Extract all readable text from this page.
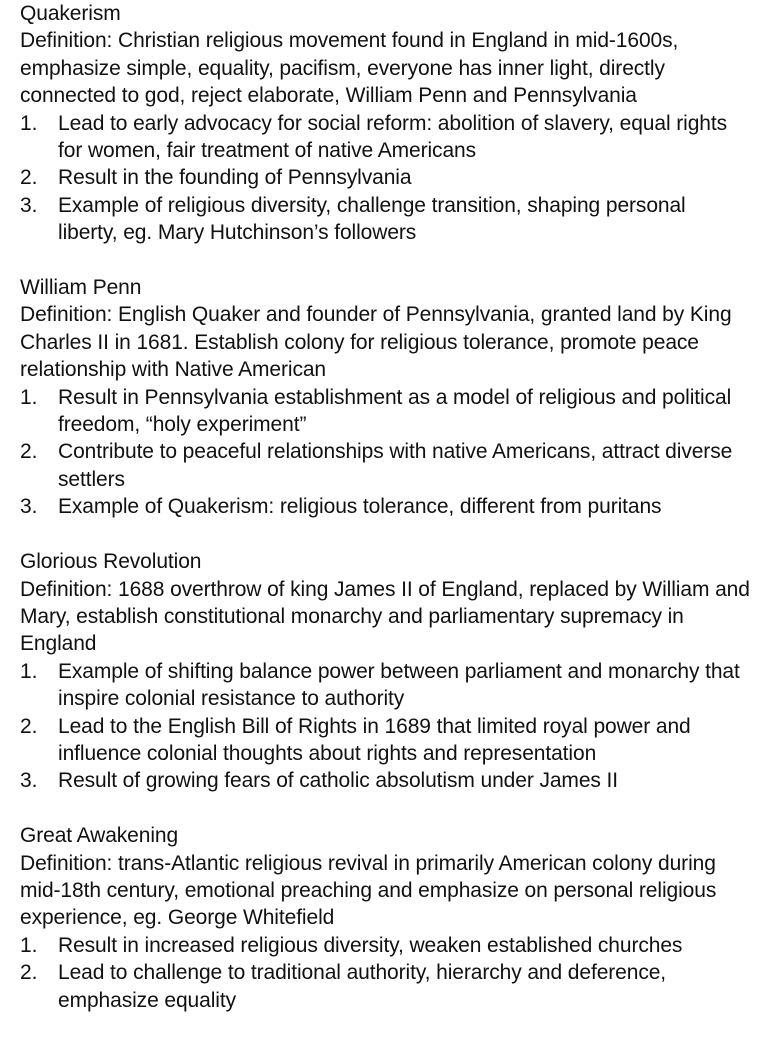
Quakerism

Definition: Christian religious movement found in England in mid-1600s, emphasize simple, equality, pacifism, everyone has inner light, directly connected to god, reject elaborate, William Penn and Pennsylvania

1. Lead to early advocacy for social reform: abolition of slavery, equal rights for women, fair treatment of native Americans
2. Result in the founding of Pennsylvania
3. Example of religious diversity, challenge transition, shaping personal liberty, eg. Mary Hutchinson’s followers

William Penn

Definition: English Quaker and founder of Pennsylvania, granted land by King Charles II in 1681. Establish colony for religious tolerance, promote peace relationship with Native American

1. Result in Pennsylvania establishment as a model of religious and political freedom, “holy experiment”
2. Contribute to peaceful relationships with native Americans, attract diverse settlers
3. Example of Quakerism: religious tolerance, different from puritans

Glorious Revolution

Definition: 1688 overthrow of king James II of England, replaced by William and Mary, establish constitutional monarchy and parliamentary supremacy in England

1. Example of shifting balance power between parliament and monarchy that inspire colonial resistance to authority
2. Lead to the English Bill of Rights in 1689 that limited royal power and influence colonial thoughts about rights and representation
3. Result of growing fears of catholic absolutism under James II

Great Awakening

Definition: trans-Atlantic religious revival in primarily American colony during mid-18th century, emotional preaching and emphasize on personal religious experience, eg. George Whitefield

1. Result in increased religious diversity, weaken established churches
2. Lead to challenge to traditional authority, hierarchy and deference, emphasize equality
